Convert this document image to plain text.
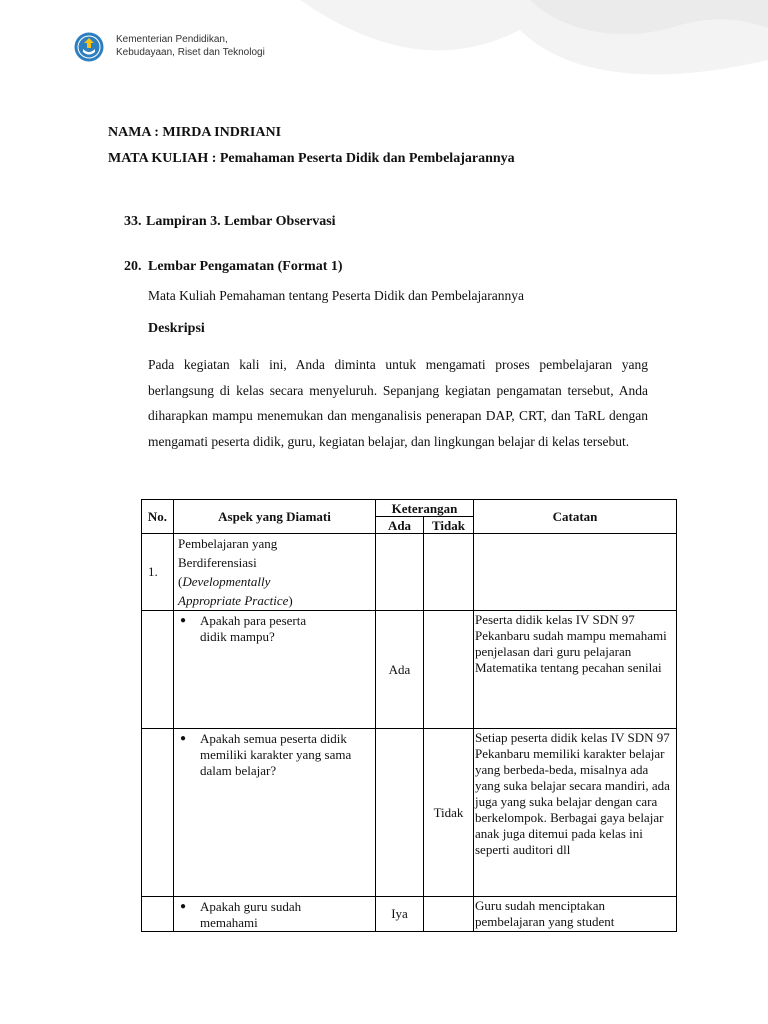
Kementerian Pendidikan,
Kebudayaan, Riset dan Teknologi
NAMA : MIRDA INDRIANI
MATA KULIAH : Pemahaman Peserta Didik dan Pembelajarannya
33. Lampiran 3. Lembar Observasi
20. Lembar Pengamatan (Format 1)
Mata Kuliah Pemahaman tentang Peserta Didik dan Pembelajarannya
Deskripsi

Pada kegiatan kali ini, Anda diminta untuk mengamati proses pembelajaran yang berlangsung di kelas secara menyeluruh. Sepanjang kegiatan pengamatan tersebut, Anda diharapkan mampu menemukan dan menganalisis penerapan DAP, CRT, dan TaRL dengan mengamati peserta didik, guru, kegiatan belajar, dan lingkungan belajar di kelas tersebut.

No.	Aspek yang Diamati	Keterangan		Catatan
		Ada	Tidak	
1.	Pembelajaran yang
Berdiferensiasi
(Developmentally
Appropriate Practice)			

	● Apakah para peserta didik mampu?	Ada		Peserta didik kelas IV SDN 97 Pekanbaru sudah mampu memahami penjelasan dari guru pelajaran Matematika tentang pecahan senilai

	● Apakah semua peserta didik memiliki karakter yang sama dalam belajar?		Tidak	Setiap peserta didik kelas IV SDN 97 Pekanbaru memiliki karakter belajar yang berbeda-beda, misalnya ada yang suka belajar secara mandiri, ada juga yang suka belajar dengan cara berkelompok. Berbagai gaya belajar anak juga ditemui pada kelas ini seperti auditori dll

	● Apakah guru sudah memahami	Iya		Guru sudah menciptakan pembelajaran yang student
